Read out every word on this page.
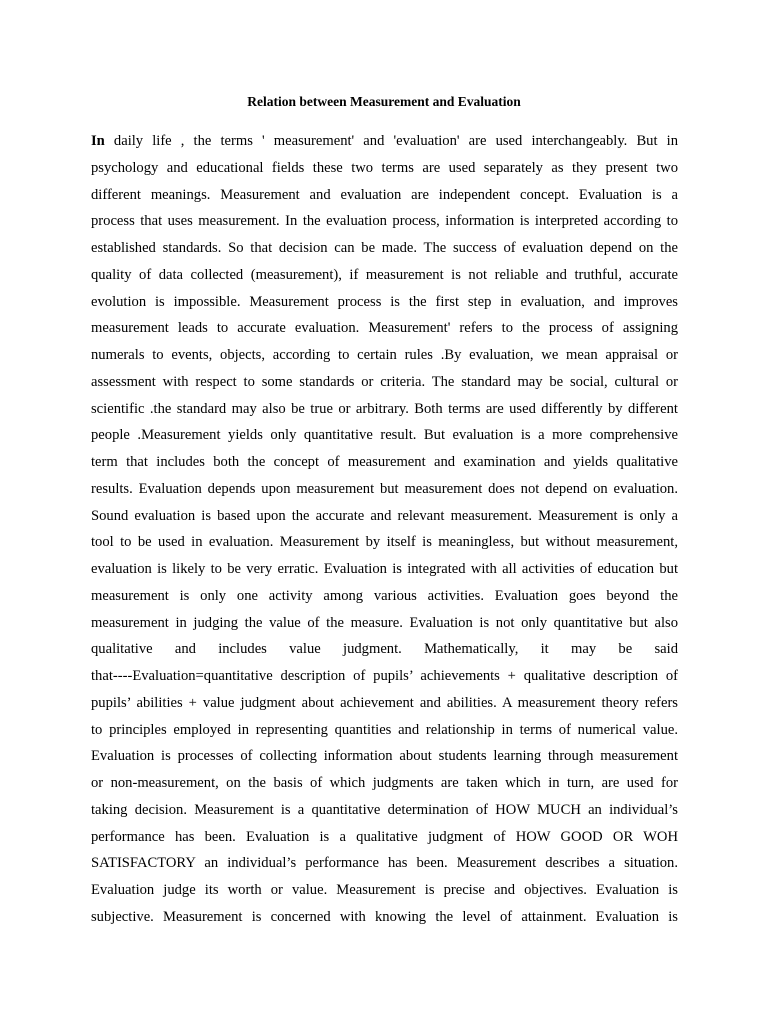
Relation between Measurement and Evaluation
In daily life , the terms ' measurement' and 'evaluation' are used interchangeably. But in
psychology and educational fields these two terms are used separately as they present two
different meanings. Measurement and evaluation are independent concept. Evaluation is a
process that uses measurement. In the evaluation process, information is interpreted according to
established standards. So that decision can be made. The success of evaluation depend on the
quality of data collected (measurement), if measurement is not reliable and truthful, accurate
evolution is impossible. Measurement process is the first step in evaluation, and improves
measurement leads to accurate evaluation. Measurement' refers to the process of assigning
numerals to events, objects, according to certain rules .By evaluation, we mean appraisal or
assessment with respect to some standards or criteria. The standard may be social, cultural or
scientific .the standard may also be true or arbitrary. Both terms are used differently by different
people .Measurement yields only quantitative result. But evaluation is a more comprehensive
term that includes both the concept of measurement and examination and yields qualitative
results. Evaluation depends upon measurement but measurement does not depend on evaluation.
Sound evaluation is based upon the accurate and relevant measurement. Measurement is only a
tool to be used in evaluation. Measurement by itself is meaningless, but without measurement,
evaluation is likely to be very erratic. Evaluation is integrated with all activities of education but
measurement is only one activity among various activities. Evaluation goes beyond the
measurement in judging the value of the measure. Evaluation is not only quantitative but also
qualitative and includes value judgment. Mathematically, it may be said
that----Evaluation=quantitative description of pupils’ achievements + qualitative description of
pupils’ abilities + value judgment about achievement and abilities. A measurement theory refers
to principles employed in representing quantities and relationship in terms of numerical value.
Evaluation is processes of collecting information about students learning through measurement
or non-measurement, on the basis of which judgments are taken which in turn, are used for
taking decision. Measurement is a quantitative determination of HOW MUCH an individual’s
performance has been. Evaluation is a qualitative judgment of HOW GOOD OR WOH
SATISFACTORY an individual’s performance has been. Measurement describes a situation.
Evaluation judge its worth or value. Measurement is precise and objectives. Evaluation is
subjective. Measurement is concerned with knowing the level of attainment. Evaluation is
